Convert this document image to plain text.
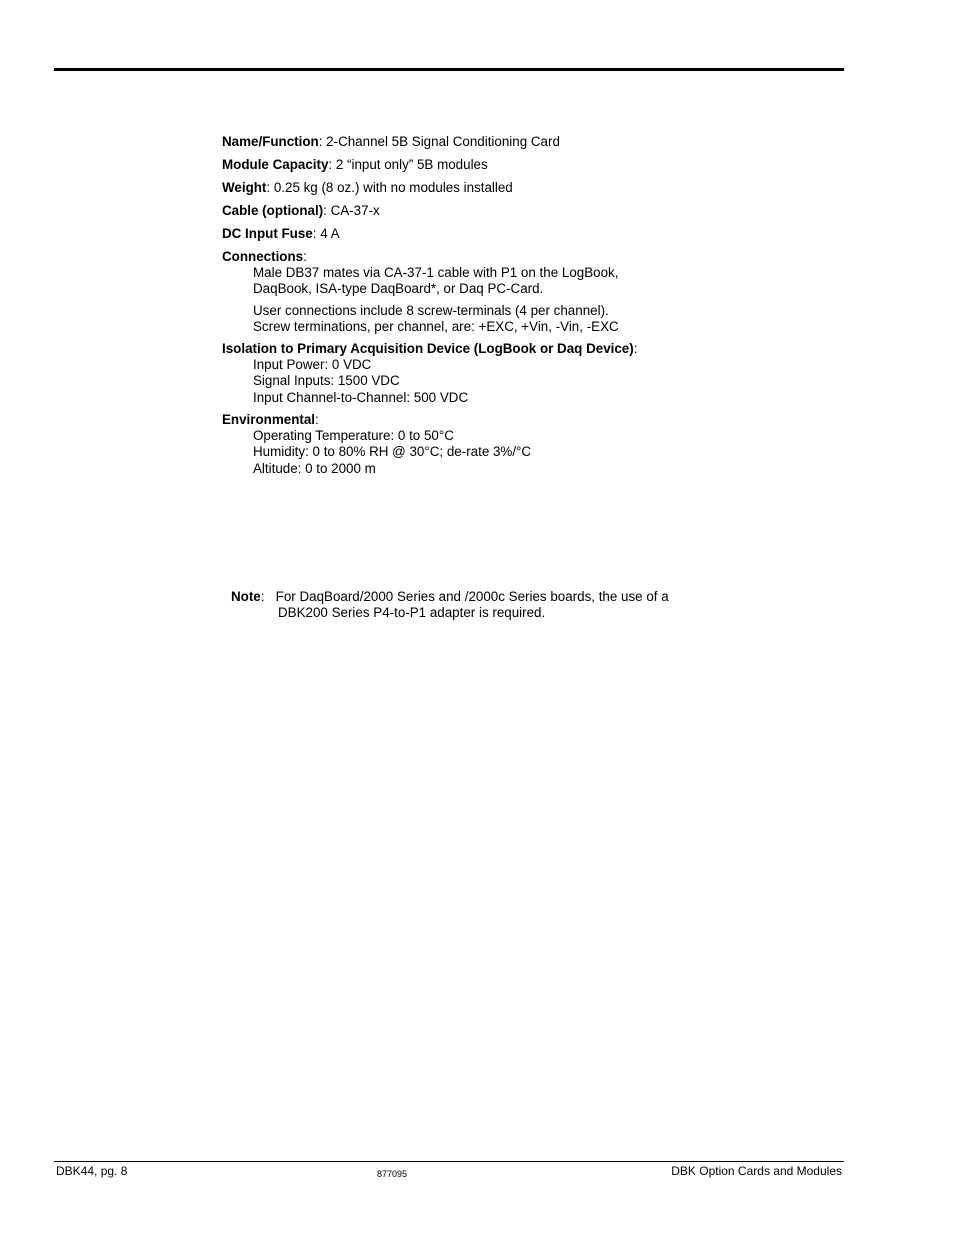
Name/Function: 2-Channel 5B Signal Conditioning Card
Module Capacity: 2 “input only” 5B modules
Weight: 0.25 kg (8 oz.) with no modules installed
Cable (optional): CA-37-x
DC Input Fuse: 4 A
Connections:
Male DB37 mates via CA-37-1 cable with P1 on the LogBook,
DaqBook, ISA-type DaqBoard*, or Daq PC-Card.
User connections include 8 screw-terminals (4 per channel).
Screw terminations, per channel, are: +EXC, +Vin, -Vin, -EXC
Isolation to Primary Acquisition Device (LogBook or Daq Device):
Input Power: 0 VDC
Signal Inputs: 1500 VDC
Input Channel-to-Channel: 500 VDC
Environmental:
Operating Temperature: 0 to 50°C
Humidity: 0 to 80% RH @ 30°C; de-rate 3%/°C
Altitude: 0 to 2000 m
Note:   For DaqBoard/2000 Series and /2000c Series boards, the use of a
DBK200 Series P4-to-P1 adapter is required.
DBK44, pg. 8	877095	DBK Option Cards and Modules
